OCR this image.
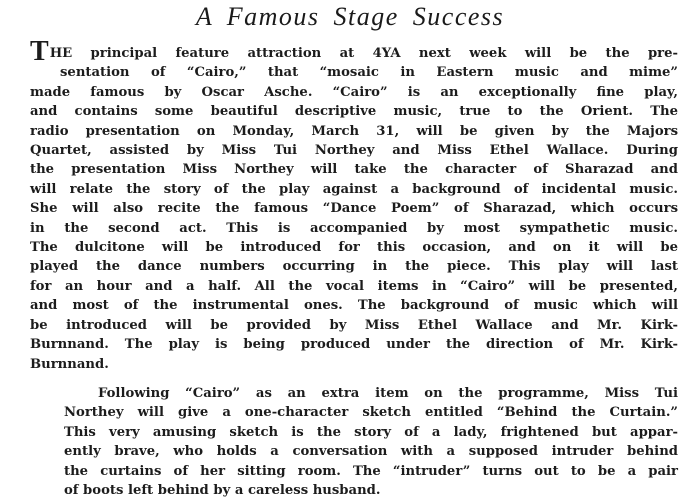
A Famous Stage Success
THE principal feature attraction at 4YA next week will be the pre-
sentation of “Cairo,” that “mosaic in Eastern music and mime”
made famous by Oscar Asche. “Cairo” is an exceptionally fine play,
and contains some beautiful descriptive music, true to the Orient. The
radio presentation on Monday, March 31, will be given by the Majors
Quartet, assisted by Miss Tui Northey and Miss Ethel Wallace. During
the presentation Miss Northey will take the character of Sharazad and
will relate the story of the play against a background of incidental music.
She will also recite the famous “Dance Poem” of Sharazad, which occurs
in the second act. This is accompanied by most sympathetic music.
The dulcitone will be introduced for this occasion, and on it will be
played the dance numbers occurring in the piece. This play will last
for an hour and a half. All the vocal items in “Cairo” will be presented,
and most of the instrumental ones. The background of music which will
be introduced will be provided by Miss Ethel Wallace and Mr. Kirk-
Burnnand. The play is being produced under the direction of Mr. Kirk-
Burnnand.
Following “Cairo” as an extra item on the programme, Miss Tui
Northey will give a one-character sketch entitled “Behind the Curtain.”
This very amusing sketch is the story of a lady, frightened but appar-
ently brave, who holds a conversation with a supposed intruder behind
the curtains of her sitting room. The “intruder” turns out to be a pair
of boots left behind by a careless husband.
